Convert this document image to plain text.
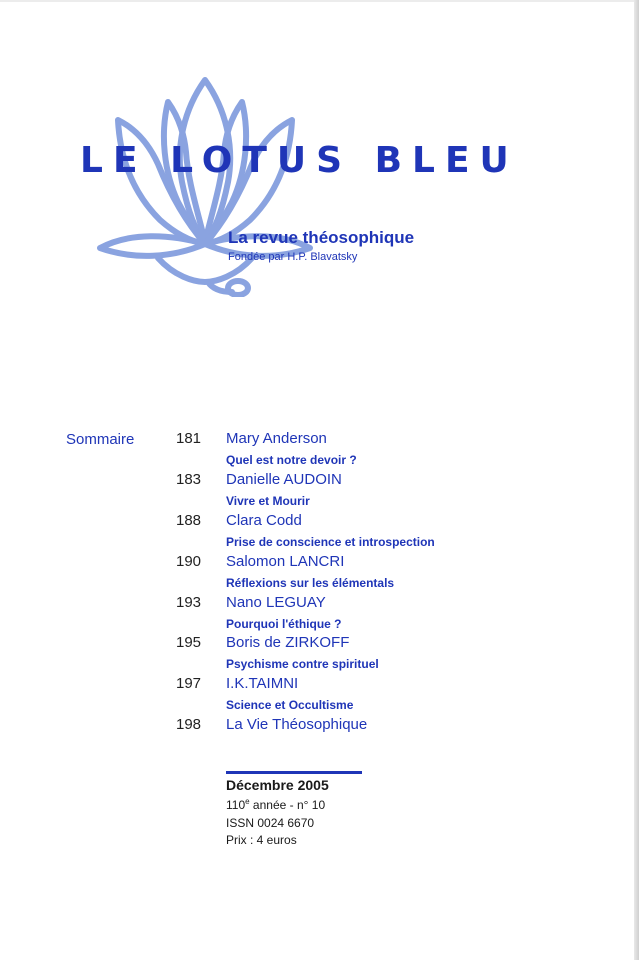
LE LOTUS BLEU

La revue théosophique

Fondée par H.P. Blavatsky

Sommaire	181 Mary Anderson
Quel est notre devoir ?
183 Danielle AUDOIN
Vivre et Mourir
188 Clara Codd
Prise de conscience et introspection
190 Salomon LANCRI
Réflexions sur les élémentals
193 Nano LEGUAY
Pourquoi l'éthique ?
195 Boris de ZIRKOFF
Psychisme contre spirituel
197 I.K.TAIMNI
Science et Occultisme
198 La Vie Théosophique

Décembre 2005

110e année - n° 10

ISSN 0024 6670

Prix : 4 euros
